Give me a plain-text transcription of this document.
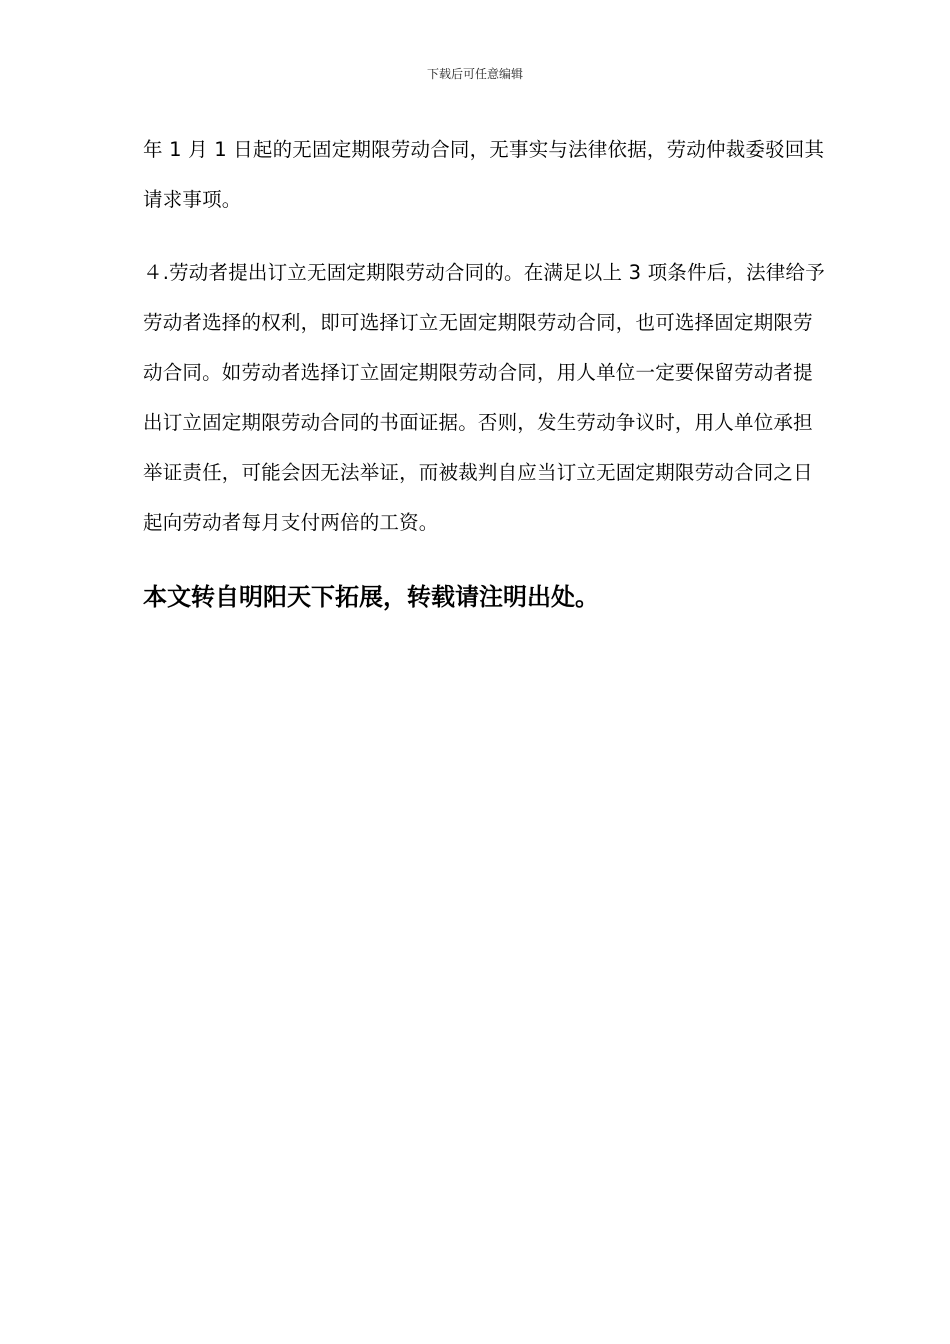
下载后可任意编辑
年 1 月 1 日起的无固定期限劳动合同，无事实与法律依据，劳动仲裁委驳回其
请求事项。
４.劳动者提出订立无固定期限劳动合同的。在满足以上 3 项条件后，法律给予
劳动者选择的权利，即可选择订立无固定期限劳动合同，也可选择固定期限劳
动合同。如劳动者选择订立固定期限劳动合同，用人单位一定要保留劳动者提
出订立固定期限劳动合同的书面证据。否则，发生劳动争议时，用人单位承担
举证责任，可能会因无法举证，而被裁判自应当订立无固定期限劳动合同之日
起向劳动者每月支付两倍的工资。
本文转自明阳天下拓展，转载请注明出处。
